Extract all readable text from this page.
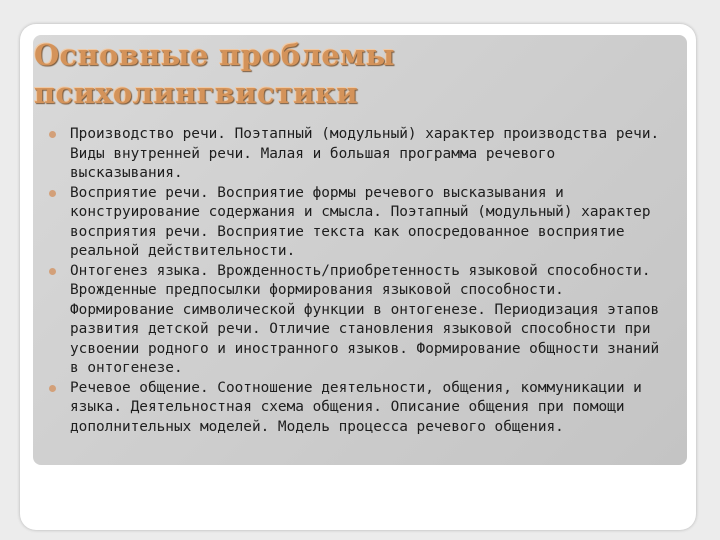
Основные проблемы
психолингвистики
Производство речи. Поэтапный (модульный) характер производства речи. Виды внутренней речи. Малая и большая программа речевого высказывания.
Восприятие речи. Восприятие формы речевого высказывания и конструирование содержания и смысла. Поэтапный (модульный) характер восприятия речи. Восприятие текста как опосредованное восприятие реальной действительности.
Онтогенез языка. Врожденность/приобретенность языковой способности. Врожденные предпосылки формирования языковой способности. Формирование символической функции в онтогенезе. Периодизация этапов развития детской речи. Отличие становления языковой способности при усвоении родного и иностранного языков. Формирование общности знаний в онтогенезе.
Речевое общение. Соотношение деятельности, общения, коммуникации и языка. Деятельностная схема общения. Описание общения при помощи дополнительных моделей. Модель процесса речевого общения.
